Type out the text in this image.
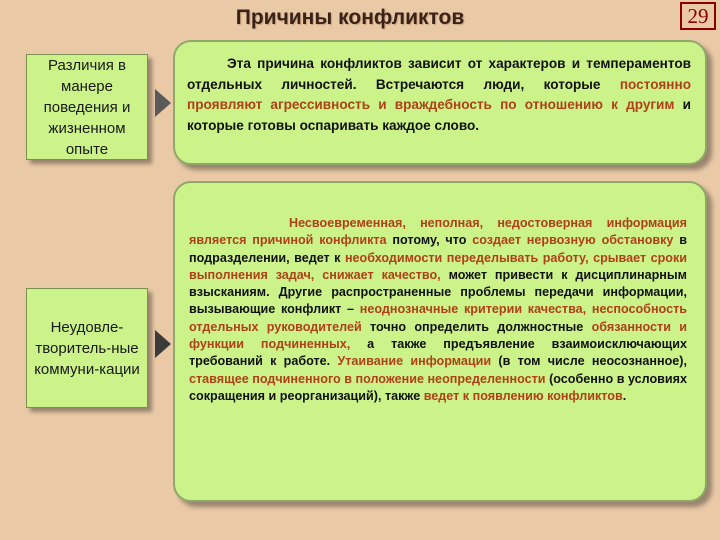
Причины конфликтов	29
Различия в манере поведения и жизненном опыте
Эта причина конфликтов зависит от характеров и темпераментов отдельных личностей. Встречаются люди, которые постоянно проявляют агрессивность и враждебность по отношению к другим и которые готовы оспаривать каждое слово.
Неудовле-творитель-ные коммуни-кации
Несвоевременная, неполная, недостоверная информация является причиной конфликта потому, что создает нервозную обстановку в подразделении, ведет к необходимости переделывать работу, срывает сроки выполнения задач, снижает качество, может привести к дисциплинарным взысканиям. Другие распространенные проблемы передачи информации, вызывающие конфликт – неоднозначные критерии качества, неспособность отдельных руководителей точно определить должностные обязанности и функции подчиненных, а также предъявление взаимоисключающих требований к работе. Утаивание информации (в том числе неосознанное), ставящее подчиненного в положение неопределенности (особенно в условиях сокращения и реорганизаций), также ведет к появлению конфликтов.
